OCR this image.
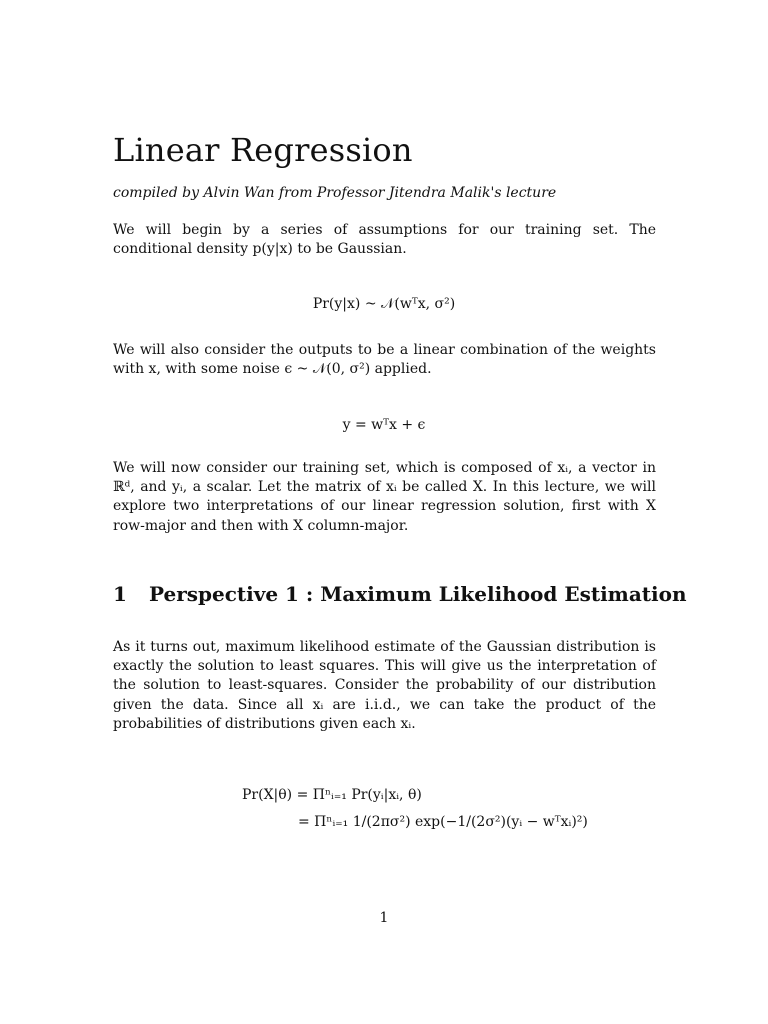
Linear Regression
compiled by Alvin Wan from Professor Jitendra Malik's lecture
We will begin by a series of assumptions for our training set. The conditional density p(y|x) to be Gaussian.
Pr(y|x) ~ 𝒩(wᵀx, σ²)
We will also consider the outputs to be a linear combination of the weights with x, with some noise ϵ ~ 𝒩(0, σ²) applied.
y = wᵀx + ϵ
We will now consider our training set, which is composed of xᵢ, a vector in ℝᵈ, and yᵢ, a scalar. Let the matrix of xᵢ be called X. In this lecture, we will explore two interpretations of our linear regression solution, first with X row-major and then with X column-major.
1 Perspective 1 : Maximum Likelihood Estimation
As it turns out, maximum likelihood estimate of the Gaussian distribution is exactly the solution to least squares. This will give us the interpretation of the solution to least-squares. Consider the probability of our distribution given the data. Since all xᵢ are i.i.d., we can take the product of the probabilities of distributions given each xᵢ.
Pr(X|θ) = Πⁿᵢ₌₁ Pr(yᵢ|xᵢ, θ)
= Πⁿᵢ₌₁ 1/(2πσ²) exp(−1/(2σ²)(yᵢ − wᵀxᵢ)²)
1
